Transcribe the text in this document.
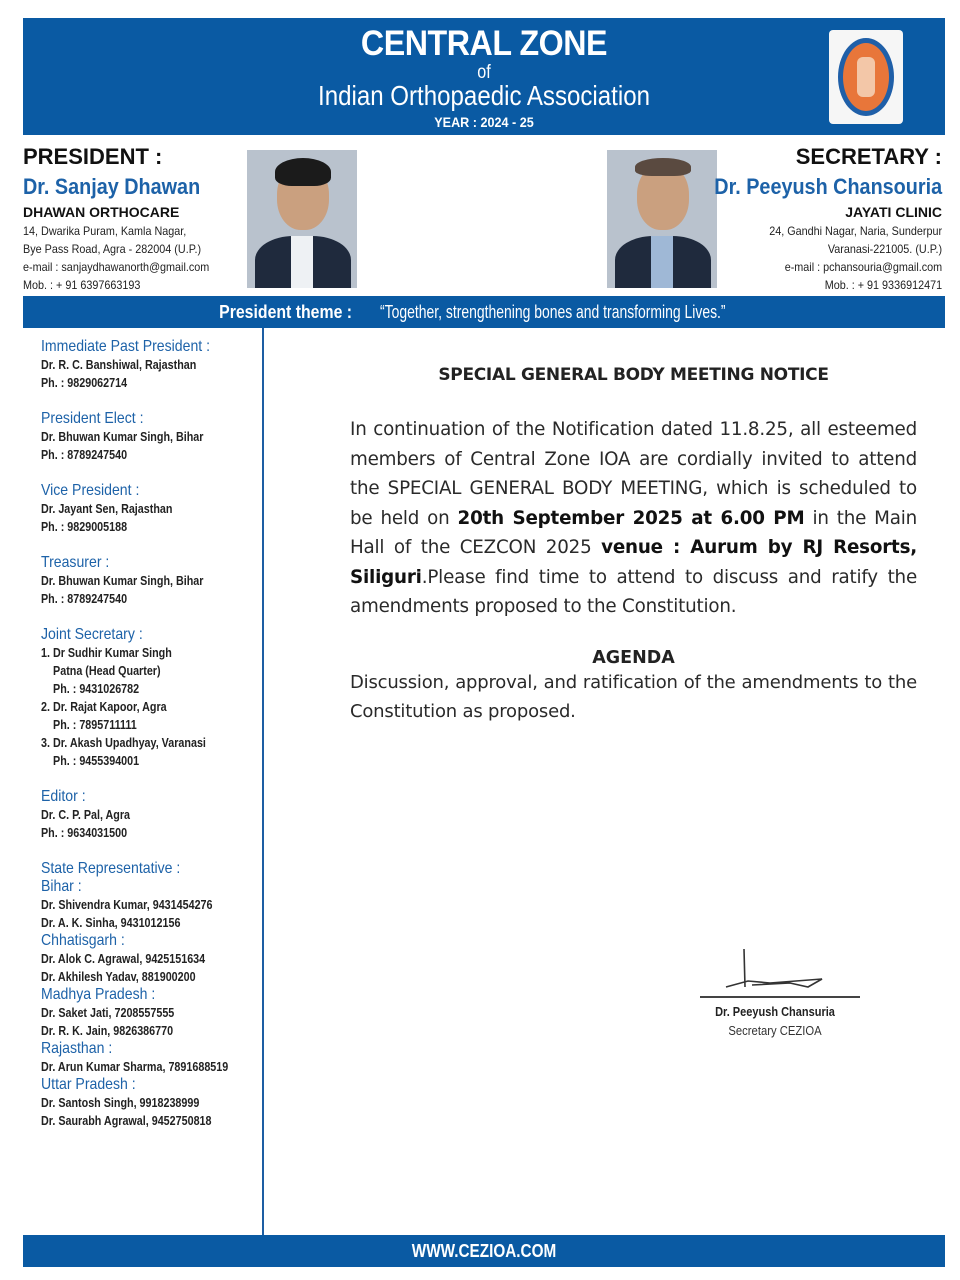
CENTRAL ZONE
of
Indian Orthopaedic Association
YEAR : 2024 - 25
PRESIDENT :
Dr. Sanjay Dhawan
DHAWAN ORTHOCARE
14, Dwarika Puram, Kamla Nagar,
Bye Pass Road, Agra - 282004 (U.P.)
e-mail : sanjaydhawanorth@gmail.com
Mob. : + 91 6397663193
SECRETARY :
Dr. Peeyush Chansouria
JAYATI CLINIC
24, Gandhi Nagar, Naria, Sunderpur
Varanasi-221005. (U.P.)
e-mail : pchansouria@gmail.com
Mob. : + 91 9336912471
President theme : “Together, strengthening bones and transforming Lives.”
Immediate Past President :
Dr. R. C. Banshiwal, Rajasthan
Ph. : 9829062714
President Elect :
Dr. Bhuwan Kumar Singh, Bihar
Ph. : 8789247540
Vice President :
Dr. Jayant Sen, Rajasthan
Ph. : 9829005188
Treasurer :
Dr. Bhuwan Kumar Singh, Bihar
Ph. : 8789247540
Joint Secretary :
1. Dr Sudhir Kumar Singh
Patna (Head Quarter)
Ph. : 9431026782
2. Dr. Rajat Kapoor, Agra
Ph. : 7895711111
3. Dr. Akash Upadhyay, Varanasi
Ph. : 9455394001
Editor :
Dr. C. P. Pal, Agra
Ph. : 9634031500
State Representative :
Bihar :
Dr. Shivendra Kumar, 9431454276
Dr. A. K. Sinha, 9431012156
Chhatisgarh :
Dr. Alok C. Agrawal, 9425151634
Dr. Akhilesh Yadav, 881900200
Madhya Pradesh :
Dr. Saket Jati, 7208557555
Dr. R. K. Jain, 9826386770
Rajasthan :
Dr. Arun Kumar Sharma, 7891688519
Uttar Pradesh :
Dr. Santosh Singh, 9918238999
Dr. Saurabh Agrawal, 9452750818
SPECIAL GENERAL BODY MEETING NOTICE

In continuation of the Notification dated 11.8.25, all esteemed members of Central Zone IOA are cordially invited to attend the SPECIAL GENERAL BODY MEETING, which is scheduled to be held on 20th September 2025 at 6.00 PM in the Main Hall of the CEZCON 2025 venue : Aurum by RJ Resorts, Siliguri.Please find time to attend to discuss and ratify the amendments proposed to the Constitution.

AGENDA

Discussion, approval, and ratification of the amendments to the Constitution as proposed.

Dr. Peeyush Chansuria
Secretary CEZIOA
WWW.CEZIOA.COM
